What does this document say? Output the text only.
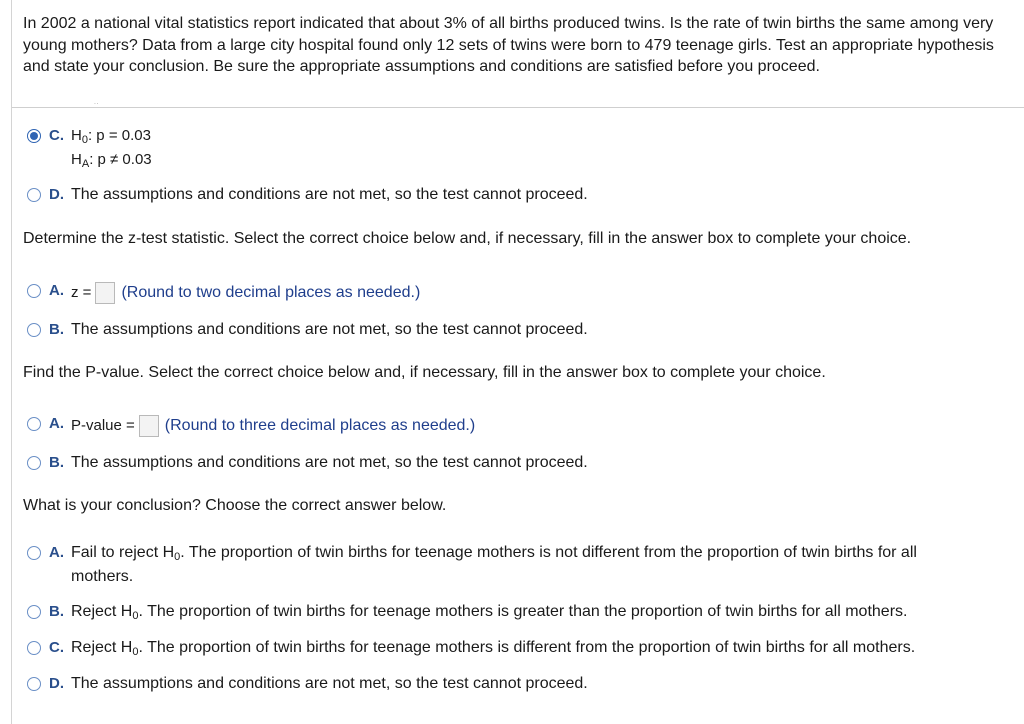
In 2002 a national vital statistics report indicated that about 3% of all births produced twins. Is the rate of twin births the same among very young mothers? Data from a large city hospital found only 12 sets of twins were born to 479 teenage girls. Test an appropriate hypothesis and state your conclusion. Be sure the appropriate assumptions and conditions are satisfied before you proceed.
C. $H_0$: p = 0.03
$H_A$: p ≠ 0.03
D. The assumptions and conditions are not met, so the test cannot proceed.
Determine the z-test statistic. Select the correct choice below and, if necessary, fill in the answer box to complete your choice.
A. z = (Round to two decimal places as needed.)
B. The assumptions and conditions are not met, so the test cannot proceed.
Find the P-value. Select the correct choice below and, if necessary, fill in the answer box to complete your choice.
A. P-value = (Round to three decimal places as needed.)
B. The assumptions and conditions are not met, so the test cannot proceed.
What is your conclusion? Choose the correct answer below.
A. Fail to reject $H_0$. The proportion of twin births for teenage mothers is not different from the proportion of twin births for all mothers.
B. Reject $H_0$. The proportion of twin births for teenage mothers is greater than the proportion of twin births for all mothers.
C. Reject $H_0$. The proportion of twin births for teenage mothers is different from the proportion of twin births for all mothers.
D. The assumptions and conditions are not met, so the test cannot proceed.
